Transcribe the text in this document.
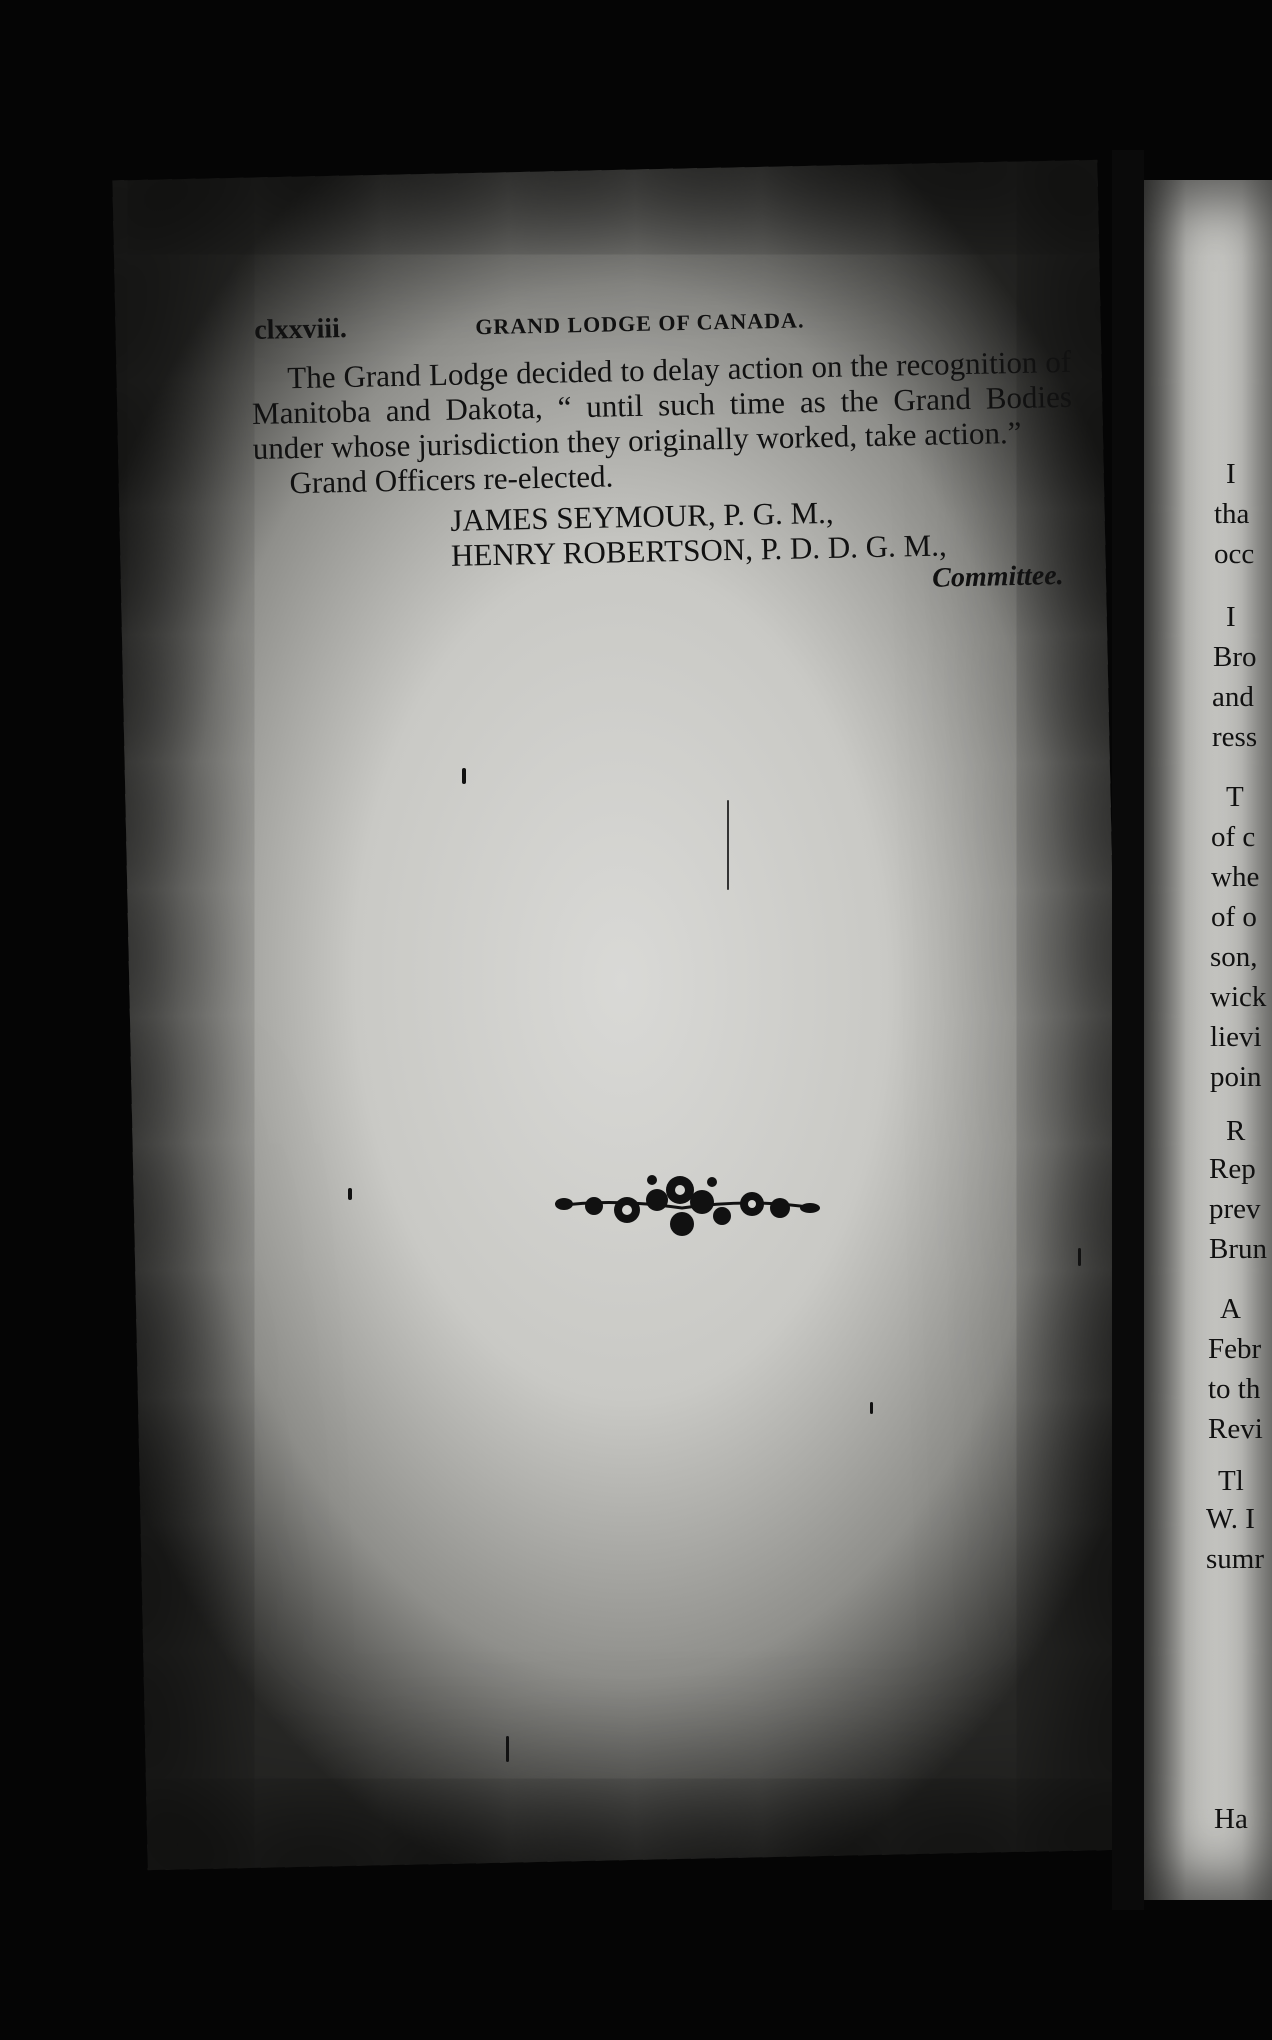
clxxviii.	GRAND LODGE OF CANADA.

The Grand Lodge decided to delay action on the recognition of Manitoba and Dakota, “ until such time as the Grand Bodies under whose jurisdiction they originally worked, take action.”

Grand Officers re-elected.

JAMES SEYMOUR, P. G. M.,
HENRY ROBERTSON, P. D. D. G. M.,
Committee.
I
tha
occ
I
Bro
and
ress
T
of c
whe
of o
son,
wick
lievi
poin
R
Rep
prev
Brun
A
Febr
to th
Revi
Tl
W. I
sumr
Ha
